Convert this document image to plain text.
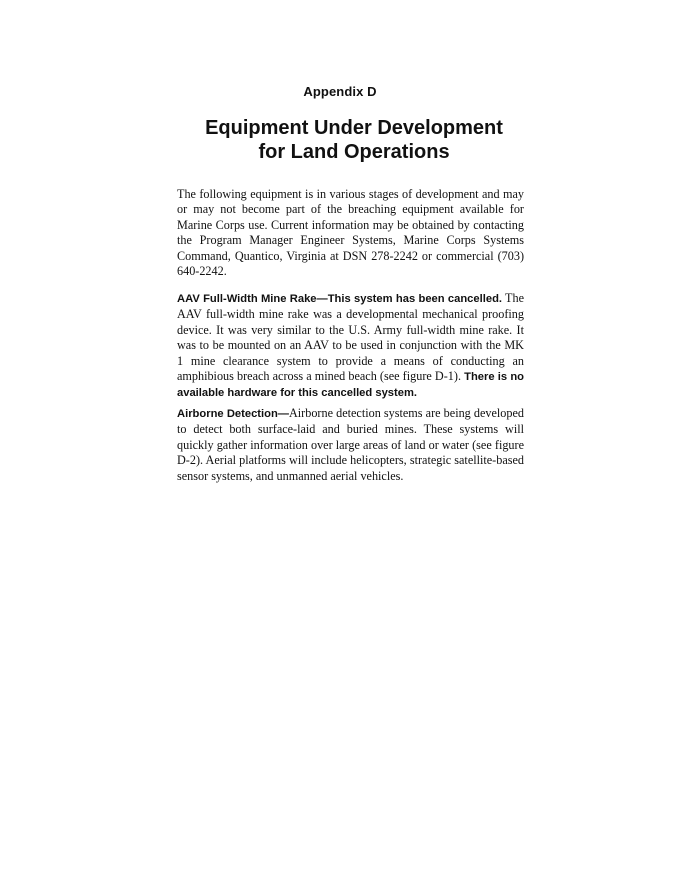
Appendix D
Equipment Under Development
for Land Operations

The following equipment is in various stages of development and may or may not become part of the breaching equipment available for Marine Corps use. Current information may be obtained by contacting the Program Manager Engineer Systems, Marine Corps Systems Command, Quantico, Virginia at DSN 278-2242 or commercial (703) 640-2242.

AAV Full-Width Mine Rake—This system has been cancelled. The AAV full-width mine rake was a developmental mechanical proofing device. It was very similar to the U.S. Army full-width mine rake. It was to be mounted on an AAV to be used in conjunction with the MK 1 mine clearance system to provide a means of conducting an amphibious breach across a mined beach (see figure D-1). There is no available hardware for this cancelled system.

Airborne Detection—Airborne detection systems are being developed to detect both surface-laid and buried mines. These systems will quickly gather information over large areas of land or water (see figure D-2). Aerial platforms will include helicopters, strategic satellite-based sensor systems, and unmanned aerial vehicles.
